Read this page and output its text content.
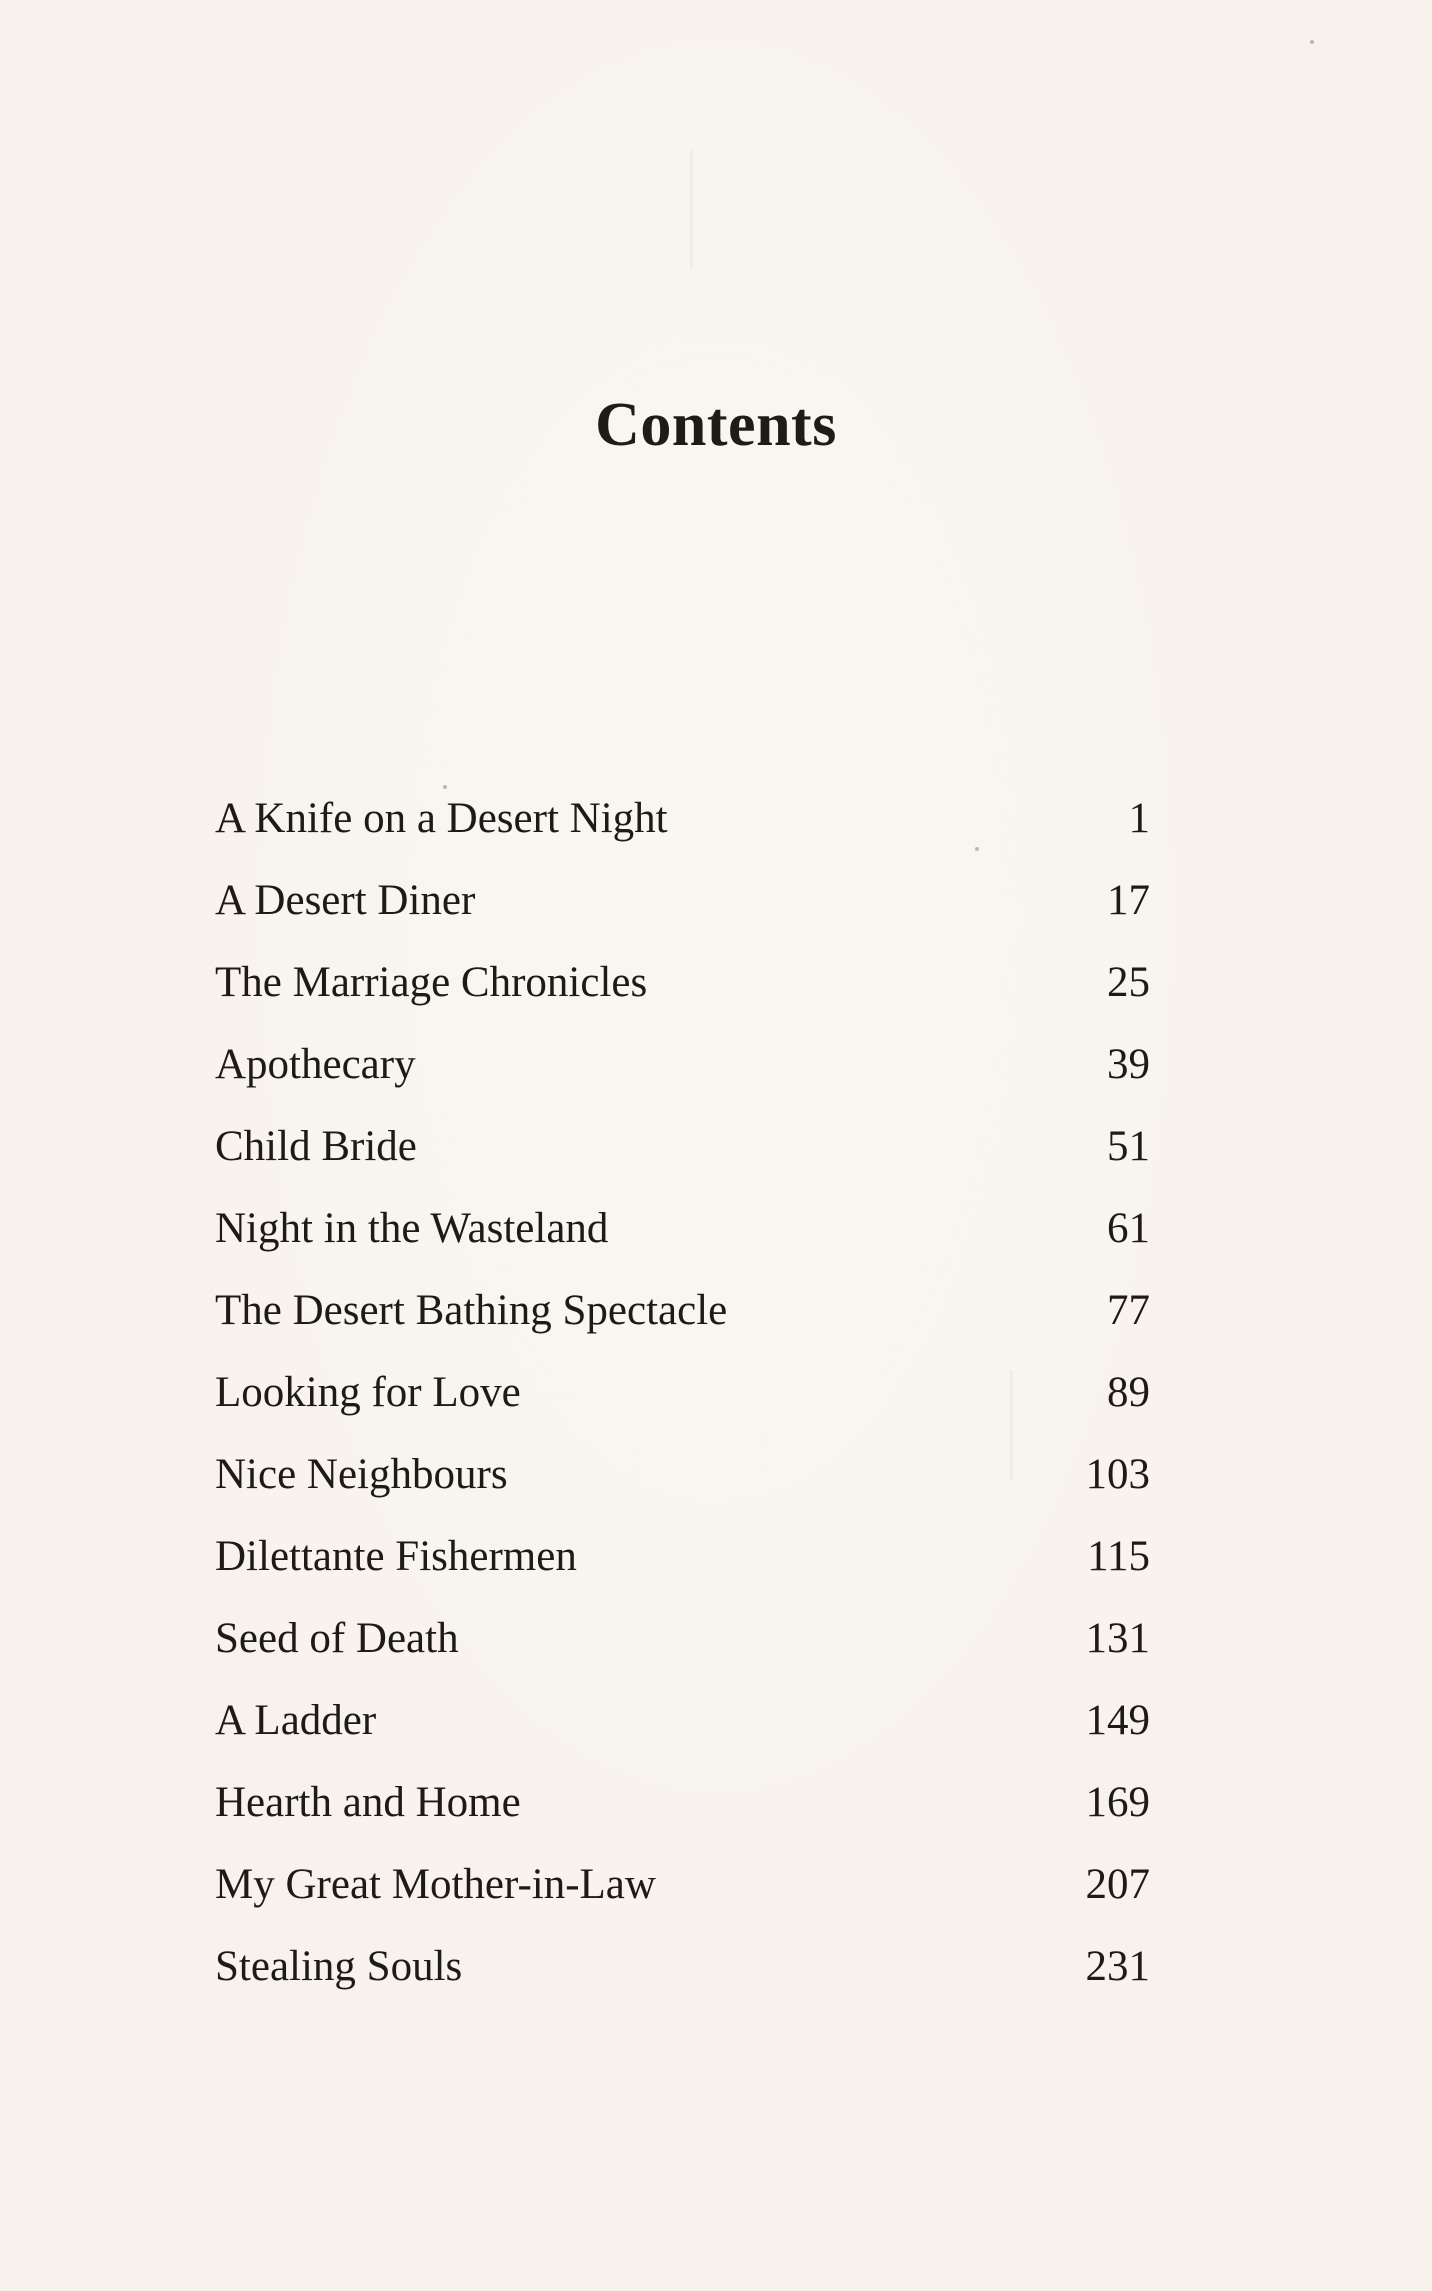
Contents
A Knife on a Desert Night	1
A Desert Diner	17
The Marriage Chronicles	25
Apothecary	39
Child Bride	51
Night in the Wasteland	61
The Desert Bathing Spectacle	77
Looking for Love	89
Nice Neighbours	103
Dilettante Fishermen	115
Seed of Death	131
A Ladder	149
Hearth and Home	169
My Great Mother-in-Law	207
Stealing Souls	231
